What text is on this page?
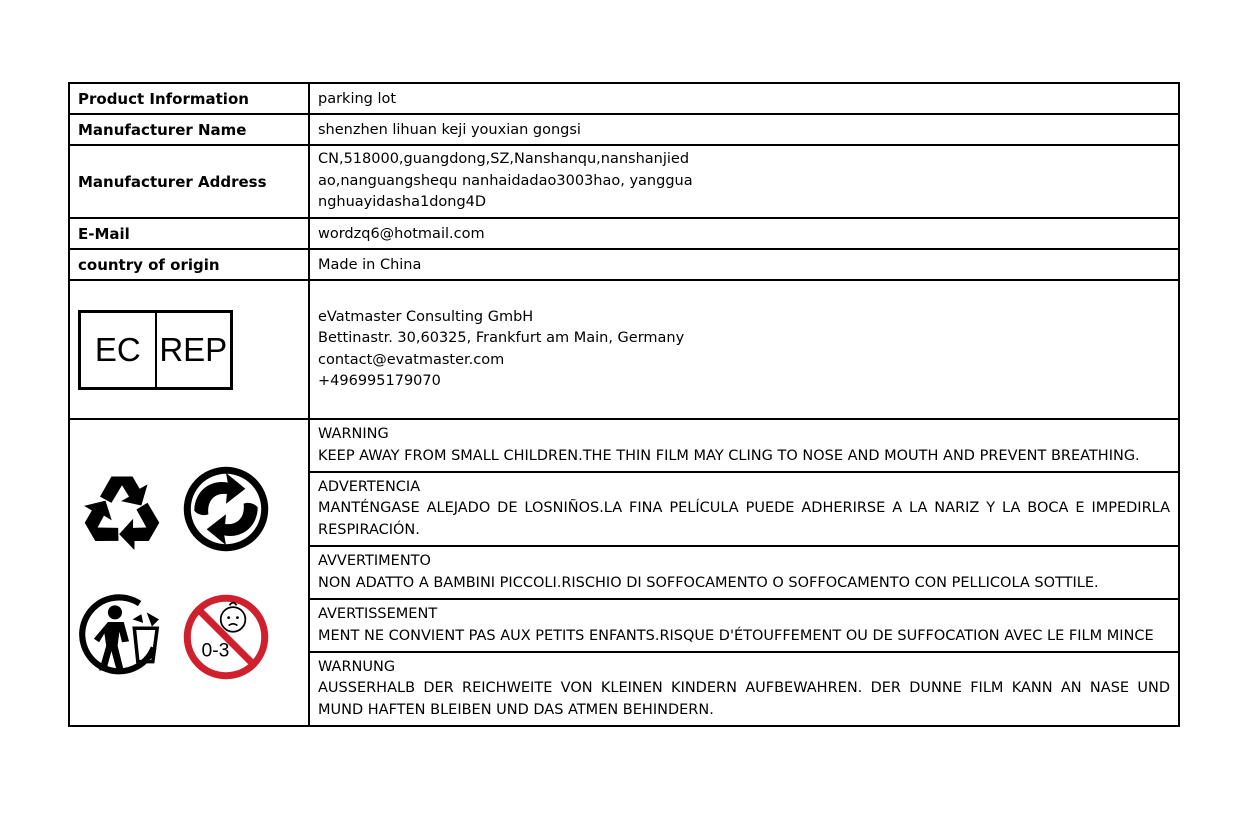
Product Information	parking lot
Manufacturer Name	shenzhen lihuan keji youxian gongsi
Manufacturer Address	CN,518000,guangdong,SZ,Nanshanqu,nanshanjied
ao,nanguangshequ nanhaidadao3003hao, yanggua
nghuayidasha1dong4D

E-Mail	wordzq6@hotmail.com
country of origin	Made in China

EC REP	eVatmaster Consulting GmbH
Bettinastr. 30,60325, Frankfurt am Main, Germany
contact@evatmaster.com
+496995179070

0-3	WARNING
KEEP AWAY FROM SMALL CHILDREN.THE THIN FILM MAY CLING TO NOSE AND MOUTH AND PREVENT BREATHING.

	ADVERTENCIA
MANTÉNGASE ALEJADO DE LOSNIÑOS.LA FINA PELÍCULA PUEDE ADHERIRSE A LA NARIZ Y LA BOCA E IMPEDIRLA RESPIRACIÓN.

	AVVERTIMENTO
NON ADATTO A BAMBINI PICCOLI.RISCHIO DI SOFFOCAMENTO O SOFFOCAMENTO CON PELLICOLA SOTTILE.

	AVERTISSEMENT
MENT NE CONVIENT PAS AUX PETITS ENFANTS.RISQUE D'ÉTOUFFEMENT OU DE SUFFOCATION AVEC LE FILM MINCE

	WARNUNG
AUSSERHALB DER REICHWEITE VON KLEINEN KINDERN AUFBEWAHREN. DER DUNNE FILM KANN AN NASE UND MUND HAFTEN BLEIBEN UND DAS ATMEN BEHINDERN.
